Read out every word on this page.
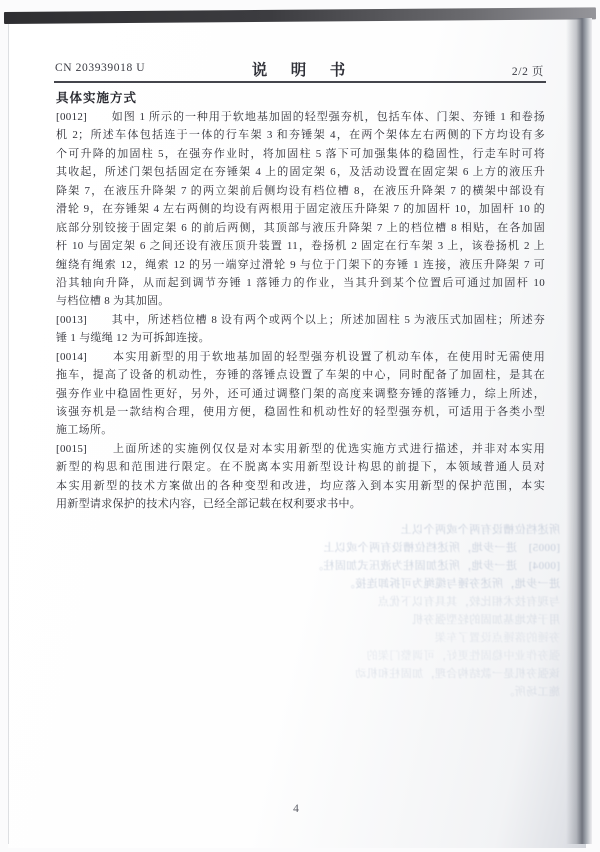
CN 203939018 U	说　明　书	2/2 页
具体实施方式
[0012]　　如图 1 所示的一种用于软地基加固的轻型强夯机，包括车体、门架、夯锤 1 和卷扬
机 2；所述车体包括连于一体的行车架 3 和夯锤架 4，在两个架体左右两侧的下方均设有多
个可升降的加固柱 5，在强夯作业时，将加固柱 5 落下可加强集体的稳固性，行走车时可将
其收起，所述门架包括固定在夯锤架 4 上的固定架 6，及活动设置在固定架 6 上方的液压升
降架 7，在液压升降架 7 的两立架前后侧均设有档位槽 8，在液压升降架 7 的横架中部设有
滑轮 9，在夯锤架 4 左右两侧的均设有两根用于固定液压升降架 7 的加固杆 10，加固杆 10 的
底部分别铰接于固定架 6 的前后两侧，其顶部与液压升降架 7 上的档位槽 8 相贴，在各加固
杆 10 与固定架 6 之间还设有液压顶升装置 11，卷扬机 2 固定在行车架 3 上，该卷扬机 2 上
缠绕有绳索 12，绳索 12 的另一端穿过滑轮 9 与位于门架下的夯锤 1 连接，液压升降架 7 可
沿其轴向升降，从而起到调节夯锤 1 落锤力的作业，当其升到某个位置后可通过加固杆 10
与档位槽 8 为其加固。
[0013]　　其中，所述档位槽 8 设有两个或两个以上；所述加固柱 5 为液压式加固柱；所述夯
锤 1 与缆绳 12 为可拆卸连接。
[0014]　　本实用新型的用于软地基加固的轻型强夯机设置了机动车体，在使用时无需使用
拖车，提高了设备的机动性，夯锤的落锤点设置了车架的中心，同时配备了加固柱，是其在
强夯作业中稳固性更好，另外，还可通过调整门架的高度来调整夯锤的落锤力，综上所述，
该强夯机是一款结构合理，使用方便，稳固性和机动性好的轻型强夯机，可适用于各类小型
施工场所。
[0015]　　上面所述的实施例仅仅是对本实用新型的优选实施方式进行描述，并非对本实用
新型的构思和范围进行限定。在不脱离本实用新型设计构思的前提下，本领域普通人员对
本实用新型的技术方案做出的各种变型和改进，均应落入到本实用新型的保护范围，本实
用新型请求保护的技术内容，已经全部记载在权利要求书中。
所述档位槽设有两个或两个以上
[0005]　进一步地，所述档位槽设有两个或以上
[0004]　进一步地，所述加固柱为液压式加固柱。
进一步地，所述夯锤与缆绳为可拆卸连接。
与现有技术相比较，其具有以下优点
用于软地基加固的轻型强夯机
该强夯机是一款结构合理，加固柱和机动
施工场所。
4
